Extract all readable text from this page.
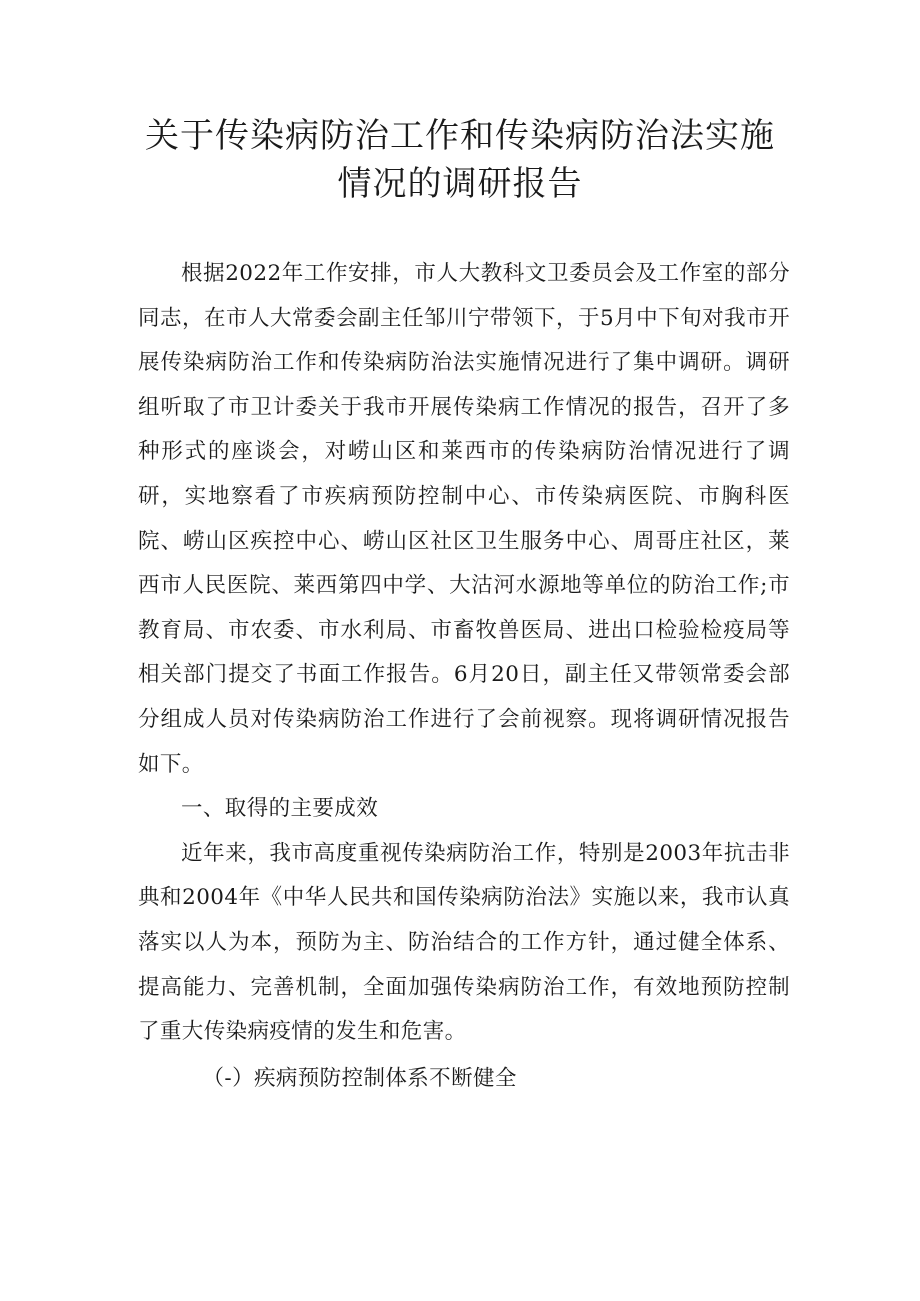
关于传染病防治工作和传染病防治法实施
情况的调研报告

根据2022年工作安排，市人大教科文卫委员会及工作室的部分同志，在市人大常委会副主任邹川宁带领下，于5月中下旬对我市开展传染病防治工作和传染病防治法实施情况进行了集中调研。调研组听取了市卫计委关于我市开展传染病工作情况的报告，召开了多种形式的座谈会，对崂山区和莱西市的传染病防治情况进行了调研，实地察看了市疾病预防控制中心、市传染病医院、市胸科医院、崂山区疾控中心、崂山区社区卫生服务中心、周哥庄社区，莱西市人民医院、莱西第四中学、大沽河水源地等单位的防治工作;市教育局、市农委、市水利局、市畜牧兽医局、进出口检验检疫局等相关部门提交了书面工作报告。6月20日，副主任又带领常委会部分组成人员对传染病防治工作进行了会前视察。现将调研情况报告如下。

一、取得的主要成效

近年来，我市高度重视传染病防治工作，特别是2003年抗击非典和2004年《中华人民共和国传染病防治法》实施以来，我市认真落实以人为本，预防为主、防治结合的工作方针，通过健全体系、提高能力、完善机制，全面加强传染病防治工作，有效地预防控制了重大传染病疫情的发生和危害。

（-）疾病预防控制体系不断健全
